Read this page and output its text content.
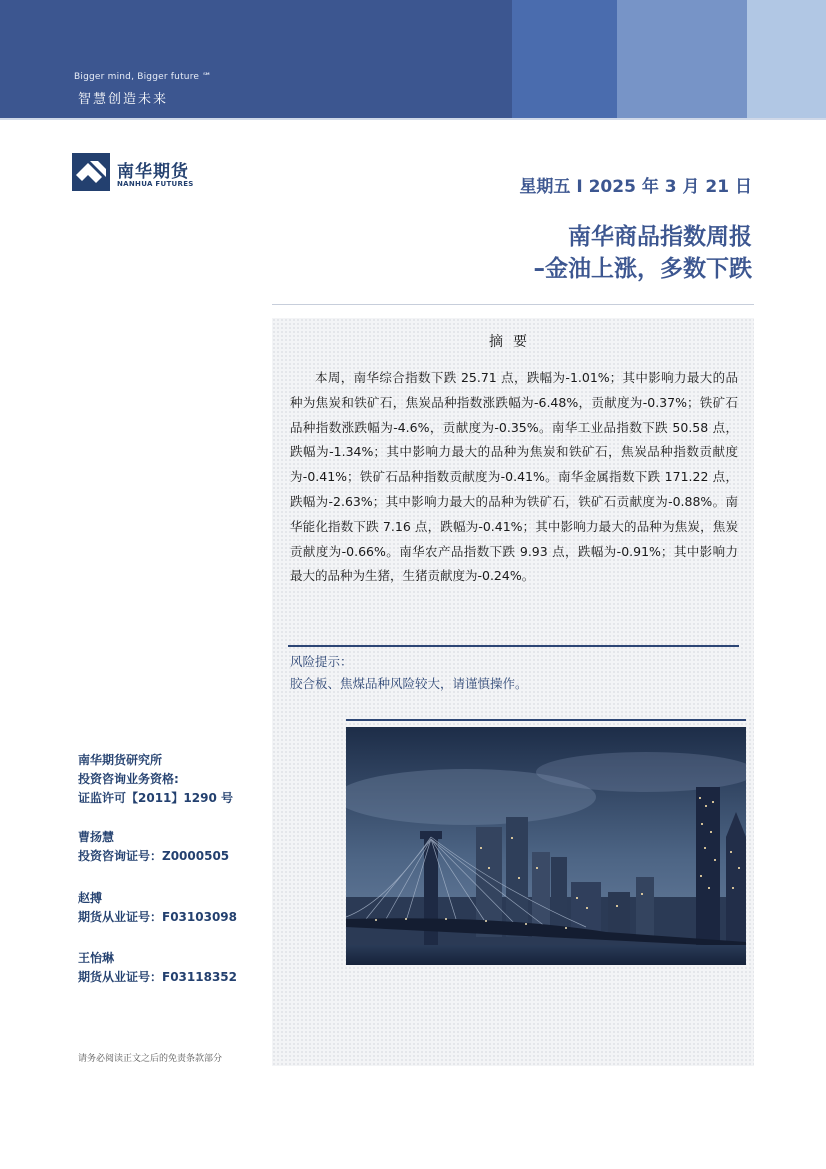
Bigger mind, Bigger future ℠
智慧创造未来
南华期货
NANHUA FUTURES	星期五 Ⅰ 2025 年 3 月 21 日
南华商品指数周报
–金油上涨，多数下跌
摘要

本周，南华综合指数下跌 25.71 点，跌幅为-1.01%；其中影响力最大的品种为焦炭和铁矿石，焦炭品种指数涨跌幅为-6.48%，贡献度为-0.37%；铁矿石品种指数涨跌幅为-4.6%，贡献度为-0.35%。南华工业品指数下跌 50.58 点，跌幅为-1.34%；其中影响力最大的品种为焦炭和铁矿石，焦炭品种指数贡献度为-0.41%；铁矿石品种指数贡献度为-0.41%。南华金属指数下跌 171.22 点，跌幅为-2.63%；其中影响力最大的品种为铁矿石，铁矿石贡献度为-0.88%。南华能化指数下跌 7.16 点，跌幅为-0.41%；其中影响力最大的品种为焦炭，焦炭贡献度为-0.66%。南华农产品指数下跌 9.93 点，跌幅为-0.91%；其中影响力最大的品种为生猪，生猪贡献度为-0.24%。

风险提示：
胶合板、焦煤品种风险较大，请谨慎操作。
南华期货研究所
投资咨询业务资格:
证监许可【2011】1290 号
曹扬慧
投资咨询证号：Z0000505
赵搏
期货从业证号：F03103098
王怡琳
期货从业证号：F03118352
请务必阅读正文之后的免责条款部分
